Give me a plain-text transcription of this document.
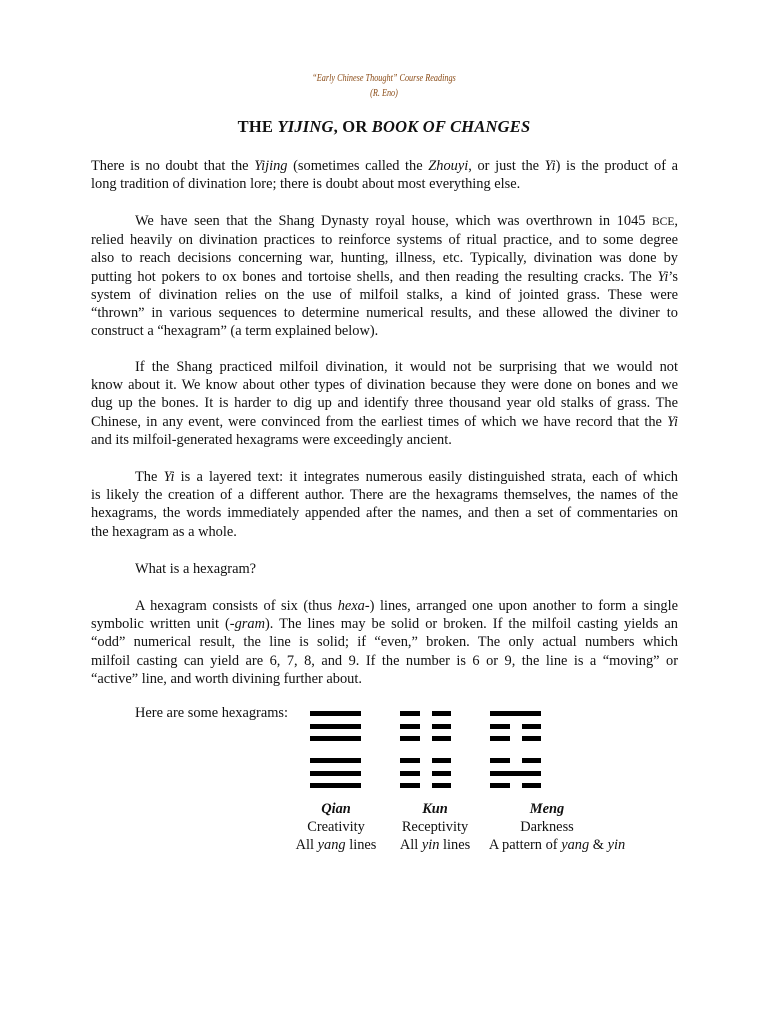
“Early Chinese Thought” Course Readings
(R. Eno)
THE YIJING, OR BOOK OF CHANGES
There is no doubt that the Yijing (sometimes called the Zhouyi, or just the Yi) is the product of a
long tradition of divination lore; there is doubt about most everything else.
We have seen that the Shang Dynasty royal house, which was overthrown in 1045 BCE,
relied heavily on divination practices to reinforce systems of ritual practice, and to some degree
also to reach decisions concerning war, hunting, illness, etc. Typically, divination was done by
putting hot pokers to ox bones and tortoise shells, and then reading the resulting cracks. The Yi’s
system of divination relies on the use of milfoil stalks, a kind of jointed grass. These were
“thrown” in various sequences to determine numerical results, and these allowed the diviner to
construct a “hexagram” (a term explained below).
If the Shang practiced milfoil divination, it would not be surprising that we would not
know about it. We know about other types of divination because they were done on bones and we
dug up the bones. It is harder to dig up and identify three thousand year old stalks of grass. The
Chinese, in any event, were convinced from the earliest times of which we have record that the Yi
and its milfoil-generated hexagrams were exceedingly ancient.
The Yi is a layered text: it integrates numerous easily distinguished strata, each of which
is likely the creation of a different author. There are the hexagrams themselves, the names of the
hexagrams, the words immediately appended after the names, and then a set of commentaries on
the hexagram as a whole.
What is a hexagram?
A hexagram consists of six (thus hexa-) lines, arranged one upon another to form a single
symbolic written unit (-gram). The lines may be solid or broken. If the milfoil casting yields an
“odd” numerical result, the line is solid; if “even,” broken. The only actual numbers which
milfoil casting can yield are 6, 7, 8, and 9. If the number is 6 or 9, the line is a “moving” or
“active” line, and worth divining further about.
Here are some hexagrams:
Qian
Creativity
All yang lines
Kun
Receptivity
All yin lines
Meng
Darkness
A pattern of yang & yin
